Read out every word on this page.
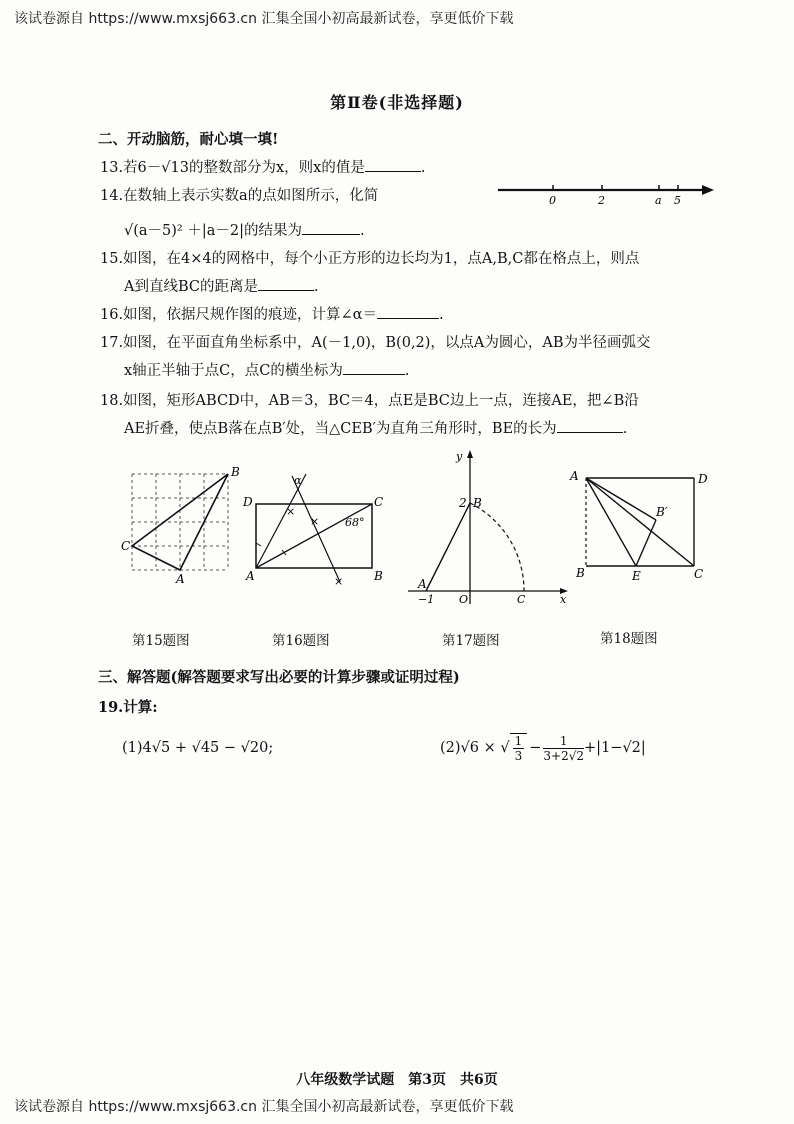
该试卷源自 https://www.mxsj663.cn 汇集全国小初高最新试卷，享更低价下载
第Ⅱ卷(非选择题)
二、开动脑筋，耐心填一填!
13.若6－√13的整数部分为x，则x的值是	.
14.在数轴上表示实数a的点如图所示，化简	0	2	a 5
√(a－5)² ＋|a－2|的结果为	.
15.如图，在4×4的网格中，每个小正方形的边长均为1，点A,B,C都在格点上，则点
A到直线BC的距离是	.
16.如图，依据尺规作图的痕迹，计算∠α＝	.
17.如图，在平面直角坐标系中，A(－1,0)，B(0,2)，以点A为圆心，AB为半径画弧交
x轴正半轴于点C，点C的横坐标为	.
18.如图，矩形ABCD中，AB＝3，BC＝4，点E是BC边上一点，连接AE，把∠B沿
AE折叠，使点B落在点B′处，当△CEB′为直角三角形时，BE的长为	.
B
C
A
×
×
×
D	C
A	B
α
68°
y
x
2 B
A
−1 O	C
A	D
B′
B	E	C
第15题图	第16题图	第17题图	第18题图
三、解答题(解答题要求写出必要的计算步骤或证明过程)
19.计算:
(1)4√5 + √45 − √20;	(2)√6 × √ $\frac{1}{3} - \frac{1}{3+2√2} +|1-√2|$
八年级数学试题　第3页　共6页
该试卷源自 https://www.mxsj663.cn 汇集全国小初高最新试卷，享更低价下载
